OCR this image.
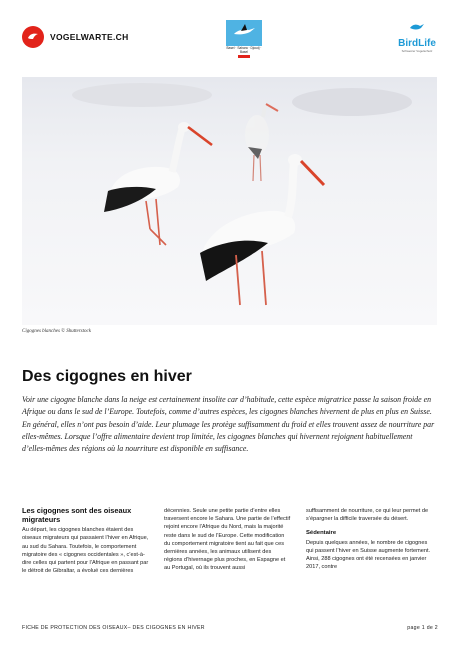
VOGELWARTE.CH
Basel · Sahara · Djoudj · Basel
BirdLife
Schweizer Vogelschutz
Cigognes blanches © Shutterstock
Des cigognes en hiver

Voir une cigogne blanche dans la neige est certainement insolite car d’habitude, cette espèce migratrice passe la saison froide en Afrique ou dans le sud de l’Europe. Toutefois, comme d’autres espèces, les cigognes blanches hivernent de plus en plus en Suisse.

En général, elles n’ont pas besoin d’aide. Leur plumage les protège suffisamment du froid et elles trouvent assez de nourriture par elles-mêmes. Lorsque l’offre alimentaire devient trop limitée, les cigognes blanches qui hivernent rejoignent habituellement d’elles-mêmes des régions où la nourriture est disponible en suffisance.

Les cigognes sont des oiseaux migrateurs

Au départ, les cigognes blanches étaient des oiseaux migrateurs qui passaient l’hiver en Afrique, au sud du Sahara. Toutefois, le comportement migratoire des « cigognes occidentales », c’est-à-dire celles qui partent pour l’Afrique en passant par le détroit de Gibraltar, a évolué ces dernières

décennies. Seule une petite partie d’entre elles traversent encore le Sahara. Une partie de l’effectif rejoint encore l’Afrique du Nord, mais la majorité reste dans le sud de l’Europe. Cette modification du comportement migratoire tient au fait que ces dernières années, les animaux utilisent des régions d’hivernage plus proches, en Espagne et au Portugal, où ils trouvent aussi

suffisamment de nourriture, ce qui leur permet de s’épargner la difficile traversée du désert.

Sédentaire

Depuis quelques années, le nombre de cigognes qui passent l’hiver en Suisse augmente fortement. Ainsi, 288 cigognes ont été recensées en janvier 2017, contre

FICHE DE PROTECTION DES OISEAUX– DES CIGOGNES EN HIVER	page 1 de 2
